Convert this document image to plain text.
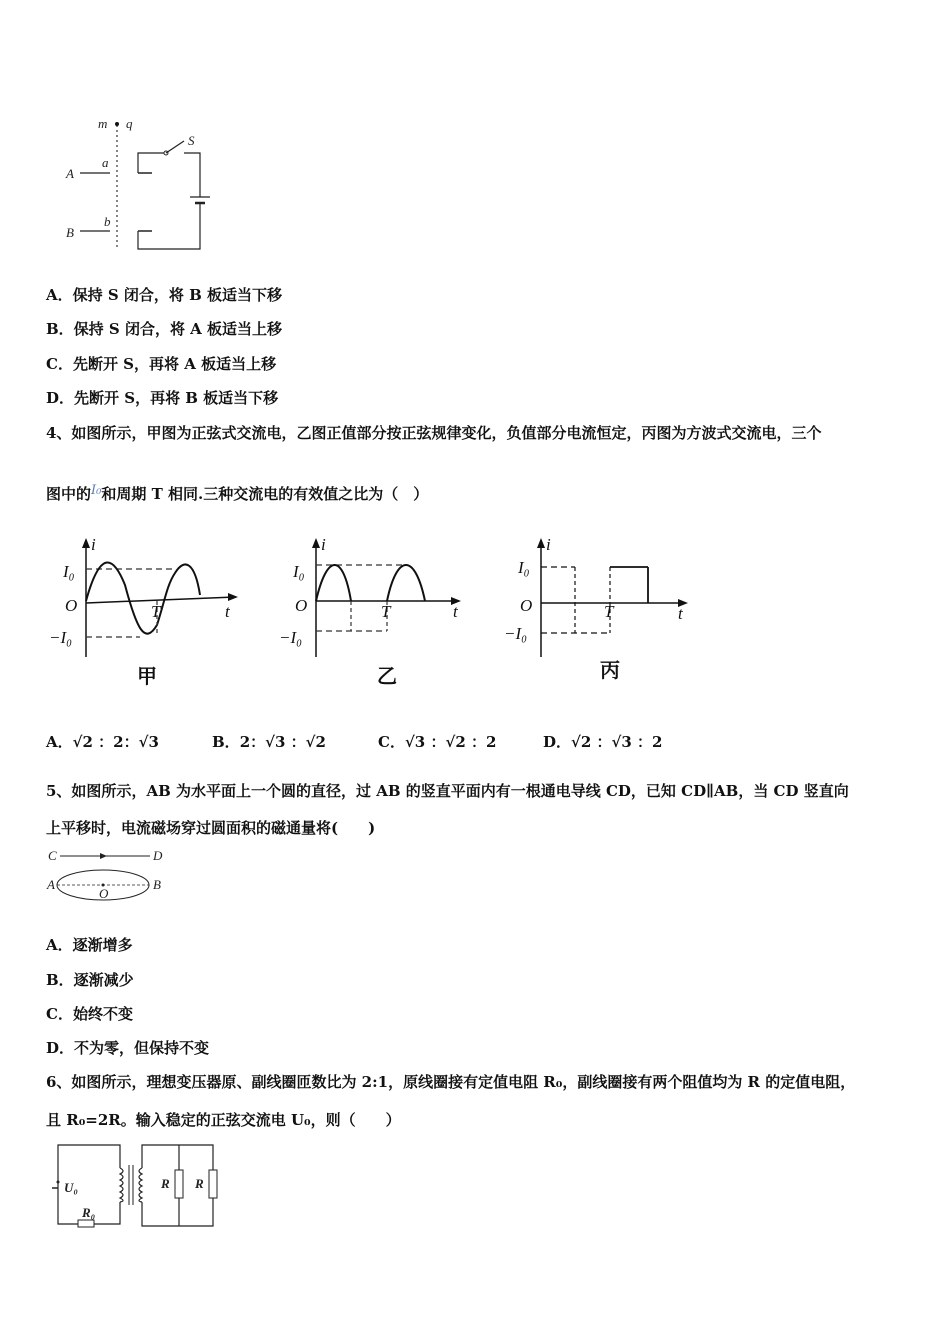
m q
A
a
B
b
S
A．保持 S 闭合，将 B 板适当下移
B．保持 S 闭合，将 A 板适当上移
C．先断开 S，再将 A 板适当上移
D．先断开 S，再将 B 板适当下移
4、如图所示，甲图为正弦式交流电，乙图正值部分按正弦规律变化，负值部分电流恒定，丙图为方波式交流电，三个
图中的I₀和周期 T 相同.三种交流电的有效值之比为（　）
i
t
I₀
O
−I₀
T
甲
i
t
I₀
O
−I₀
T
乙
i
t
I₀
O
−I₀
T
丙
A．√2 ：2：√3	B．2：√3 ：√2	C．√3 ：√2 ：2	D．√2 ：√3 ：2
5、如图所示，AB 为水平面上一个圆的直径，过 AB 的竖直平面内有一根通电导线 CD，已知 CD∥AB，当 CD 竖直向
上平移时，电流磁场穿过圆面积的磁通量将(　　)
C	D
A	B
O
A．逐渐增多
B．逐渐减少
C．始终不变
D．不为零，但保持不变
6、如图所示，理想变压器原、副线圈匝数比为 2:1，原线圈接有定值电阻 R₀，副线圈接有两个阻值均为 R 的定值电阻，
且 R₀=2R。输入稳定的正弦交流电 U₀，则（　　）
R₀
U₀	R R
